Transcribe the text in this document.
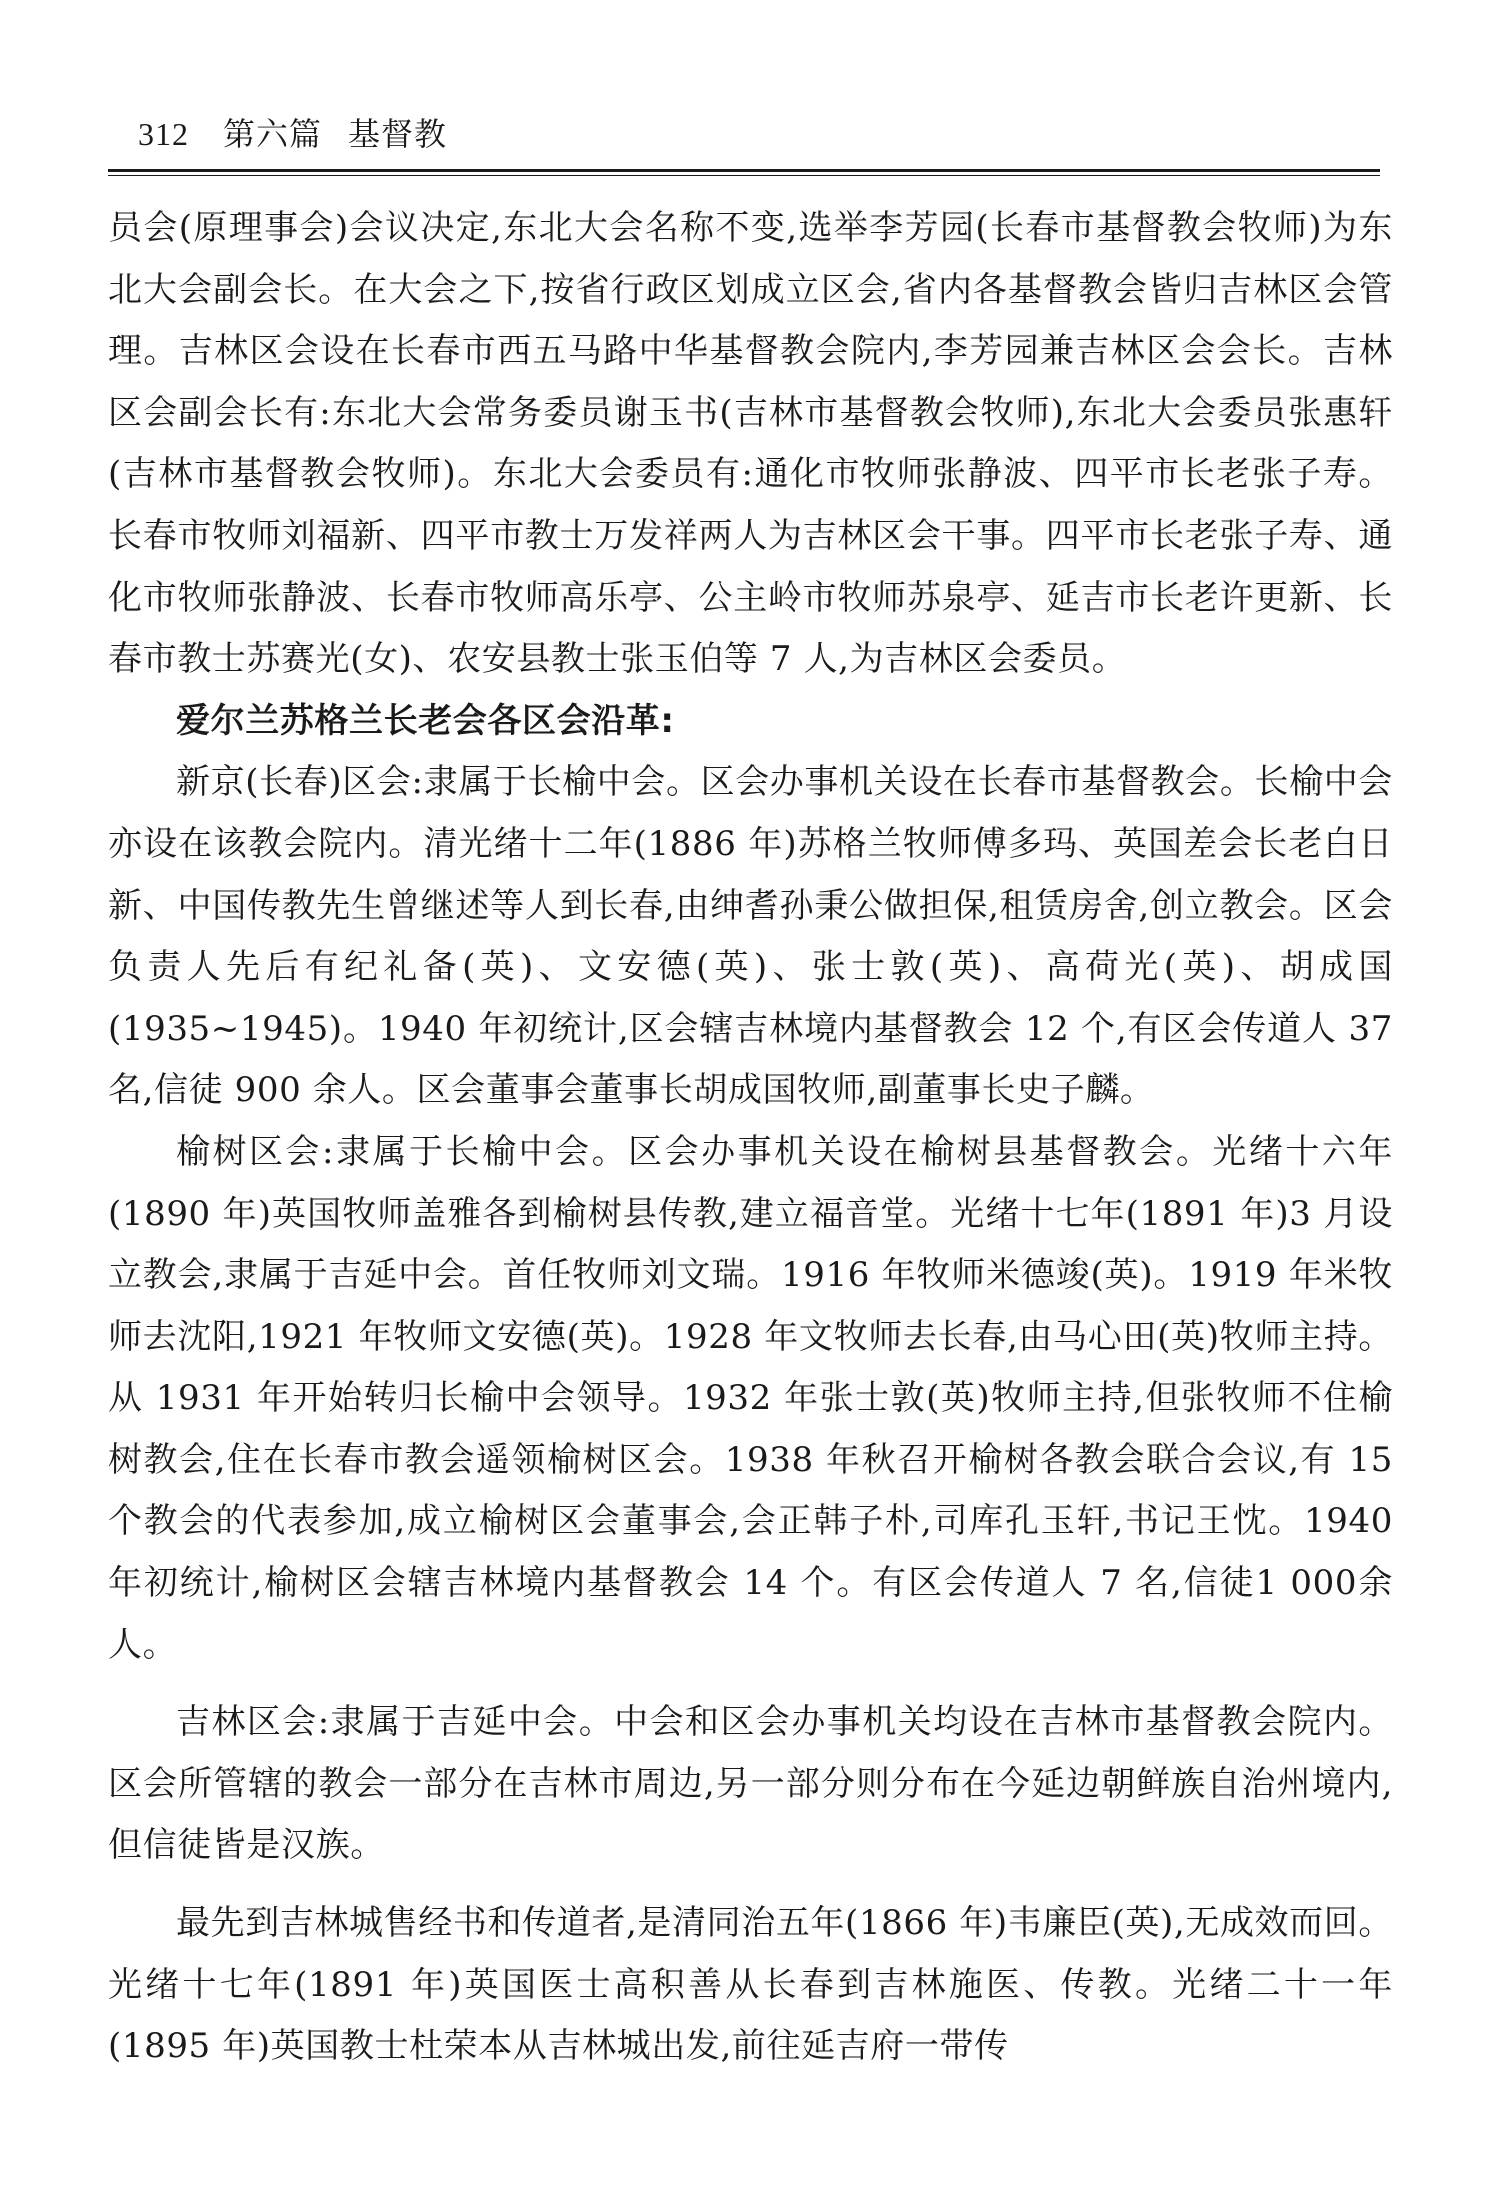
312 第六篇 基督教

员会(原理事会)会议决定,东北大会名称不变,选举李芳园(长春市基督教会牧师)为东北大会副会长。在大会之下,按省行政区划成立区会,省内各基督教会皆归吉林区会管理。吉林区会设在长春市西五马路中华基督教会院内,李芳园兼吉林区会会长。吉林区会副会长有:东北大会常务委员谢玉书(吉林市基督教会牧师),东北大会委员张惠轩(吉林市基督教会牧师)。东北大会委员有:通化市牧师张静波、四平市长老张子寿。长春市牧师刘福新、四平市教士万发祥两人为吉林区会干事。四平市长老张子寿、通化市牧师张静波、长春市牧师高乐亭、公主岭市牧师苏泉亭、延吉市长老许更新、长春市教士苏赛光(女)、农安县教士张玉伯等 7 人,为吉林区会委员。

爱尔兰苏格兰长老会各区会沿革:

新京(长春)区会:隶属于长榆中会。区会办事机关设在长春市基督教会。长榆中会亦设在该教会院内。清光绪十二年(1886 年)苏格兰牧师傅多玛、英国差会长老白日新、中国传教先生曾继述等人到长春,由绅耆孙秉公做担保,租赁房舍,创立教会。区会负责人先后有纪礼备(英)、文安德(英)、张士敦(英)、高荷光(英)、胡成国(1935~1945)。1940 年初统计,区会辖吉林境内基督教会 12 个,有区会传道人 37 名,信徒 900 余人。区会董事会董事长胡成国牧师,副董事长史子麟。

榆树区会:隶属于长榆中会。区会办事机关设在榆树县基督教会。光绪十六年(1890 年)英国牧师盖雅各到榆树县传教,建立福音堂。光绪十七年(1891 年)3 月设立教会,隶属于吉延中会。首任牧师刘文瑞。1916 年牧师米德竣(英)。1919 年米牧师去沈阳,1921 年牧师文安德(英)。1928 年文牧师去长春,由马心田(英)牧师主持。从 1931 年开始转归长榆中会领导。1932 年张士敦(英)牧师主持,但张牧师不住榆树教会,住在长春市教会遥领榆树区会。1938 年秋召开榆树各教会联合会议,有 15 个教会的代表参加,成立榆树区会董事会,会正韩子朴,司库孔玉轩,书记王忱。1940 年初统计,榆树区会辖吉林境内基督教会 14 个。有区会传道人 7 名,信徒1 000余人。

吉林区会:隶属于吉延中会。中会和区会办事机关均设在吉林市基督教会院内。区会所管辖的教会一部分在吉林市周边,另一部分则分布在今延边朝鲜族自治州境内,但信徒皆是汉族。

最先到吉林城售经书和传道者,是清同治五年(1866 年)韦廉臣(英),无成效而回。光绪十七年(1891 年)英国医士高积善从长春到吉林施医、传教。光绪二十一年(1895 年)英国教士杜荣本从吉林城出发,前往延吉府一带传
